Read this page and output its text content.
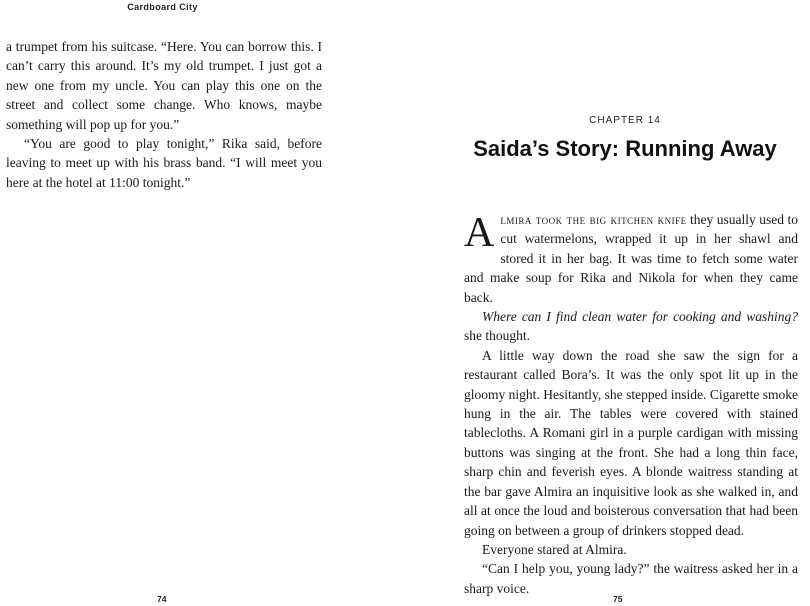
Cardboard City

a trumpet from his suitcase. “Here. You can borrow this. I can’t carry this around. It’s my old trumpet. I just got a new one from my uncle. You can play this one on the street and collect some change. Who knows, maybe something will pop up for you.”

“You are good to play tonight,” Rika said, before leaving to meet up with his brass band. “I will meet you here at the hotel at 11:00 tonight.”

74
CHAPTER 14
Saida’s Story: Running Away

Almira took the big kitchen knife they usually used to cut watermelons, wrapped it up in her shawl and stored it in her bag. It was time to fetch some water and make soup for Rika and Nikola for when they came back.

Where can I find clean water for cooking and washing? she thought.

A little way down the road she saw the sign for a restaurant called Bora’s. It was the only spot lit up in the gloomy night. Hesitantly, she stepped inside. Cigarette smoke hung in the air. The tables were covered with stained tablecloths. A Romani girl in a purple cardigan with missing buttons was singing at the front. She had a long thin face, sharp chin and feverish eyes. A blonde waitress standing at the bar gave Almira an inquisitive look as she walked in, and all at once the loud and boisterous conversation that had been going on between a group of drinkers stopped dead.

Everyone stared at Almira.

“Can I help you, young lady?” the waitress asked her in a sharp voice.

75
